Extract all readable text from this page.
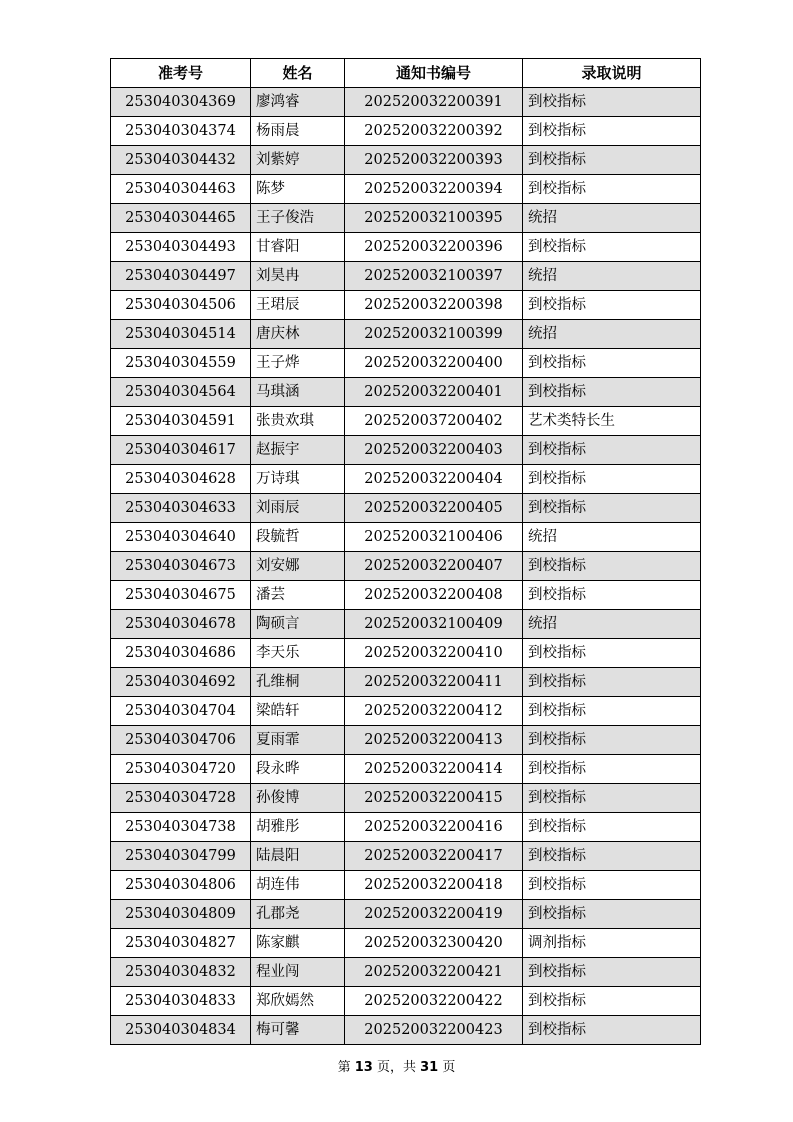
准考号	姓名	通知书编号	录取说明
253040304369	廖鸿睿	202520032200391	到校指标
253040304374	杨雨晨	202520032200392	到校指标
253040304432	刘紫婷	202520032200393	到校指标
253040304463	陈梦	202520032200394	到校指标
253040304465	王子俊浩	202520032100395	统招
253040304493	甘睿阳	202520032200396	到校指标
253040304497	刘昊冉	202520032100397	统招
253040304506	王珺辰	202520032200398	到校指标
253040304514	唐庆林	202520032100399	统招
253040304559	王子烨	202520032200400	到校指标
253040304564	马琪涵	202520032200401	到校指标
253040304591	张贵欢琪	202520037200402	艺术类特长生
253040304617	赵振宇	202520032200403	到校指标
253040304628	万诗琪	202520032200404	到校指标
253040304633	刘雨辰	202520032200405	到校指标
253040304640	段毓哲	202520032100406	统招
253040304673	刘安娜	202520032200407	到校指标
253040304675	潘芸	202520032200408	到校指标
253040304678	陶硕言	202520032100409	统招
253040304686	李天乐	202520032200410	到校指标
253040304692	孔维桐	202520032200411	到校指标
253040304704	梁皓轩	202520032200412	到校指标
253040304706	夏雨霏	202520032200413	到校指标
253040304720	段永晔	202520032200414	到校指标
253040304728	孙俊博	202520032200415	到校指标
253040304738	胡雅彤	202520032200416	到校指标
253040304799	陆晨阳	202520032200417	到校指标
253040304806	胡连伟	202520032200418	到校指标
253040304809	孔郡尧	202520032200419	到校指标
253040304827	陈家麒	202520032300420	调剂指标
253040304832	程业闯	202520032200421	到校指标
253040304833	郑欣嫣然	202520032200422	到校指标
253040304834	梅可馨	202520032200423	到校指标
第 13 页，共 31 页
